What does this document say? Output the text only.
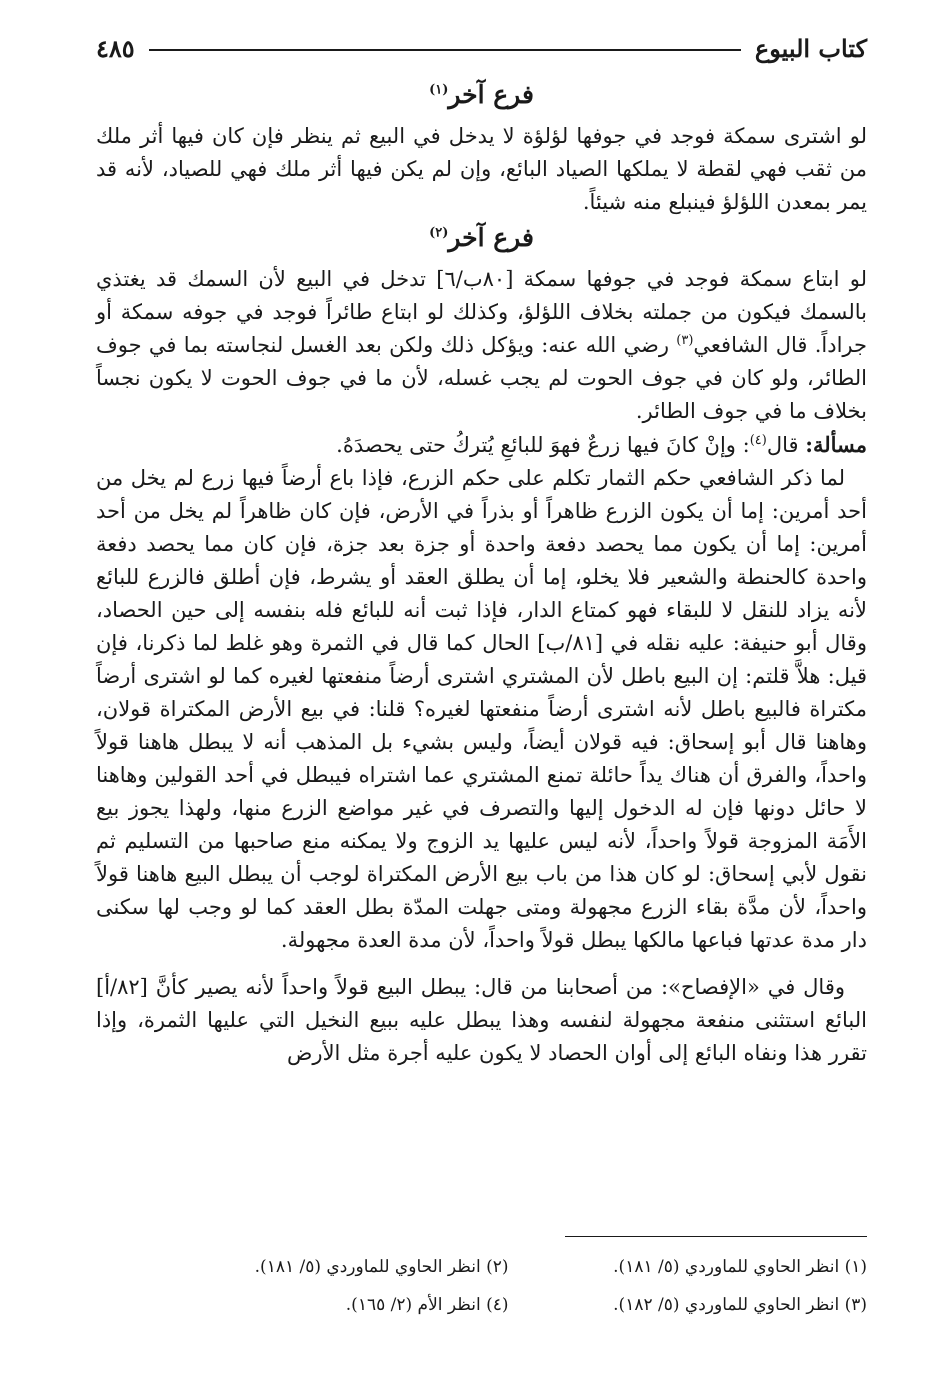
كتاب البيوع
٤٨٥
فرع آخر$^{(١)}$

لو اشترى سمكة فوجد في جوفها لؤلؤة لا يدخل في البيع ثم ينظر فإن كان فيها أثر ملك من ثقب فهي لقطة لا يملكها الصياد البائع، وإن لم يكن فيها أثر ملك فهي للصياد، لأنه قد يمر بمعدن اللؤلؤ فينبلع منه شيئاً.

فرع آخر$^{(٢)}$

لو ابتاع سمكة فوجد في جوفها سمكة [٨٠ب/٦] تدخل في البيع لأن السمك قد يغتذي بالسمك فيكون من جملته بخلاف اللؤلؤ، وكذلك لو ابتاع طائراً فوجد في جوفه سمكة أو جراداً. قال الشافعي$^{(٣)}$ رضي الله عنه: ويؤكل ذلك ولكن بعد الغسل لنجاسته بما في جوف الطائر، ولو كان في جوف الحوت لم يجب غسله، لأن ما في جوف الحوت لا يكون نجساً بخلاف ما في جوف الطائر.

مسألة: قال$^{(٤)}$: وإنْ كانَ فيها زرعٌ فهوَ للبائعِ يُتركُ حتى يحصدَهُ.

لما ذكر الشافعي حكم الثمار تكلم على حكم الزرع، فإذا باع أرضاً فيها زرع لم يخل من أحد أمرين: إما أن يكون الزرع ظاهراً أو بذراً في الأرض، فإن كان ظاهراً لم يخل من أحد أمرين: إما أن يكون مما يحصد دفعة واحدة أو جزة بعد جزة، فإن كان مما يحصد دفعة واحدة كالحنطة والشعير فلا يخلو، إما أن يطلق العقد أو يشرط، فإن أطلق فالزرع للبائع لأنه يزاد للنقل لا للبقاء فهو كمتاع الدار، فإذا ثبت أنه للبائع فله بنفسه إلى حين الحصاد، وقال أبو حنيفة: عليه نقله في [٨١/ب] الحال كما قال في الثمرة وهو غلط لما ذكرنا، فإن قيل: هلاَّ قلتم: إن البيع باطل لأن المشتري اشترى أرضاً منفعتها لغيره كما لو اشترى أرضاً مكتراة فالبيع باطل لأنه اشترى أرضاً منفعتها لغيره؟ قلنا: في بيع الأرض المكتراة قولان، وهاهنا قال أبو إسحاق: فيه قولان أيضاً، وليس بشيء بل المذهب أنه لا يبطل هاهنا قولاً واحداً، والفرق أن هناك يداً حائلة تمنع المشتري عما اشتراه فيبطل في أحد القولين وهاهنا لا حائل دونها فإن له الدخول إليها والتصرف في غير مواضع الزرع منها، ولهذا يجوز بيع الأَمَة المزوجة قولاً واحداً، لأنه ليس عليها يد الزوج ولا يمكنه منع صاحبها من التسليم ثم نقول لأبي إسحاق: لو كان هذا من باب بيع الأرض المكتراة لوجب أن يبطل البيع هاهنا قولاً واحداً، لأن مدَّة بقاء الزرع مجهولة ومتى جهلت المدّة بطل العقد كما لو وجب لها سكنى دار مدة عدتها فباعها مالكها يبطل قولاً واحداً، لأن مدة العدة مجهولة.

وقال في «الإفصاح»: من أصحابنا من قال: يبطل البيع قولاً واحداً لأنه يصير كأنَّ [٨٢/أ] البائع استثنى منفعة مجهولة لنفسه وهذا يبطل عليه ببيع النخيل التي عليها الثمرة، وإذا تقرر هذا ونفاه البائع إلى أوان الحصاد لا يكون عليه أجرة مثل الأرض

(١) انظر الحاوي للماوردي (٥/ ١٨١).
(٢) انظر الحاوي للماوردي (٥/ ١٨١).
(٣) انظر الحاوي للماوردي (٥/ ١٨٢).
(٤) انظر الأم (٢/ ١٦٥).
